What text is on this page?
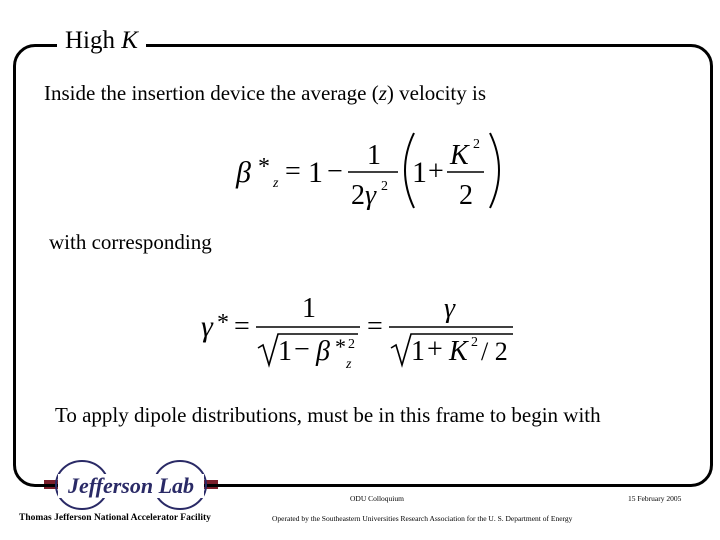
High K
Inside the insertion device the average (z) velocity is
β *
z = 1 −
1
2 γ 2 1 +
K 2
2
with corresponding
γ * =
1
1 − β * 2
z
=
γ
1 + K 2 / 2
To apply dipole distributions, must be in this frame to begin with
Jefferson Lab
Thomas Jefferson National Accelerator Facility
ODU Colloquium
Operated by the Southeastern Universities Research Association for the U. S. Department of Energy
15 February 2005
